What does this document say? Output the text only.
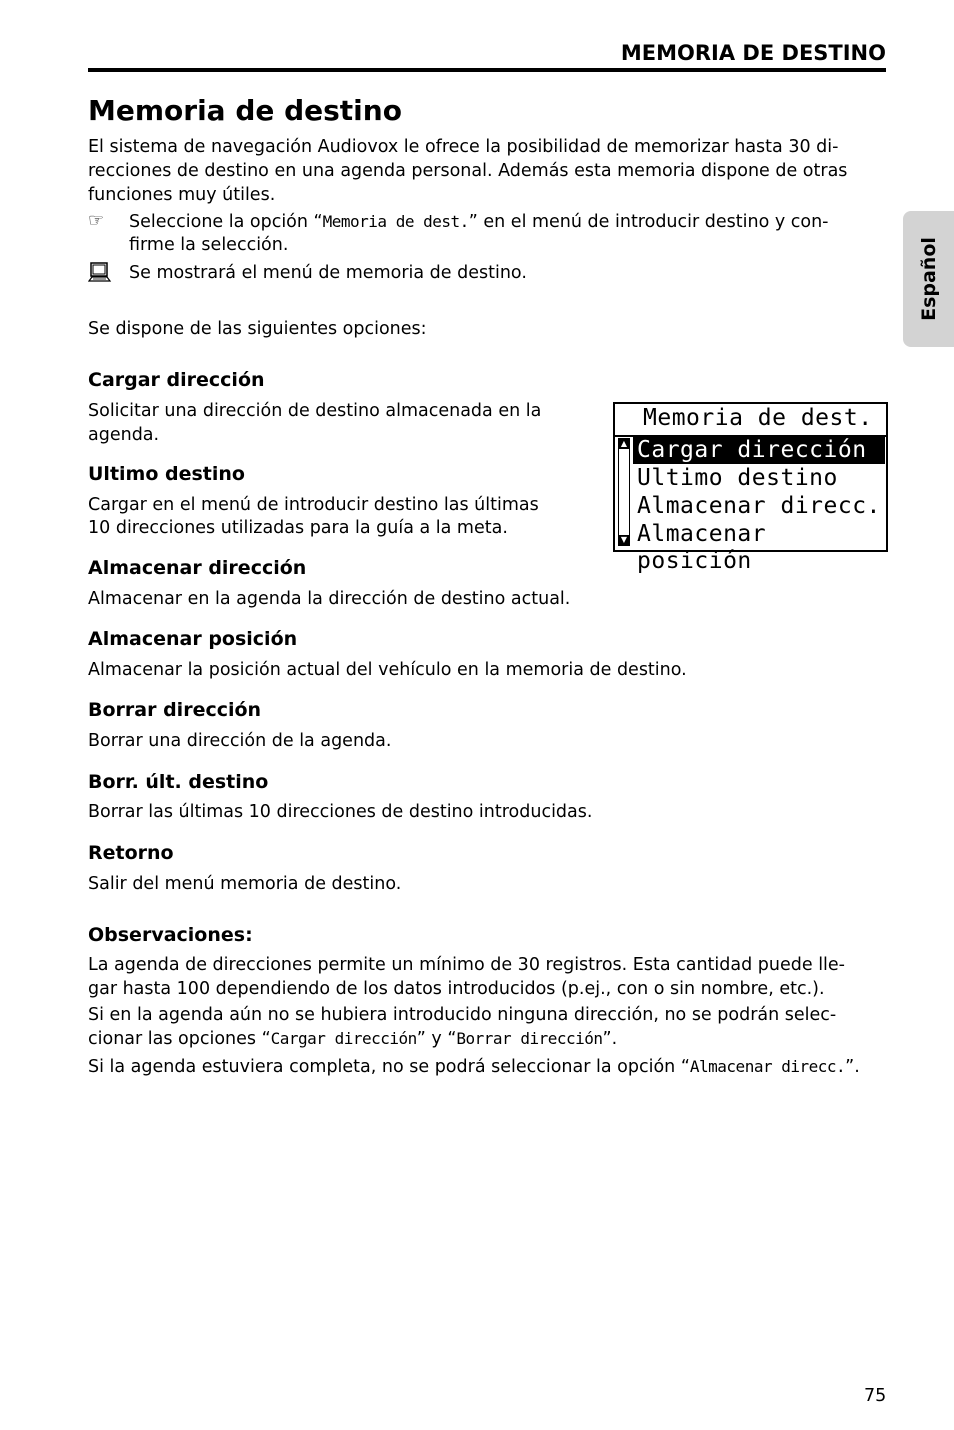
MEMORIA DE DESTINO
Español
Memoria de destino

El sistema de navegación Audiovox le ofrece la posibilidad de memorizar hasta 30 di-

recciones de destino en una agenda personal. Además esta memoria dispone de otras

funciones muy útiles.

☞ Seleccione la opción “Memoria de dest.” en el menú de introducir destino y con-

firme la selección.

Se mostrará el menú de memoria de destino.

Se dispone de las siguientes opciones:

Cargar dirección

Solicitar una dirección de destino almacenada en la

agenda.

Ultimo destino

Cargar en el menú de introducir destino las últimas

10 direcciones utilizadas para la guía a la meta.

Almacenar dirección

Almacenar en la agenda la dirección de destino actual.

Almacenar posición

Almacenar la posición actual del vehículo en la memoria de destino.

Borrar dirección

Borrar una dirección de la agenda.

Borr. últ. destino

Borrar las últimas 10 direcciones de destino introducidas.

Retorno

Salir del menú memoria de destino.

Memoria de dest.
▲
▼
Cargar dirección
Ultimo destino
Almacenar direcc.
Almacenar posición
Observaciones:

La agenda de direcciones permite un mínimo de 30 registros. Esta cantidad puede lle-

gar hasta 100 dependiendo de los datos introducidos (p.ej., con o sin nombre, etc.).

Si en la agenda aún no se hubiera introducido ninguna dirección, no se podrán selec-

cionar las opciones “Cargar dirección” y “Borrar dirección”.

Si la agenda estuviera completa, no se podrá seleccionar la opción “Almacenar direcc.”.

75
